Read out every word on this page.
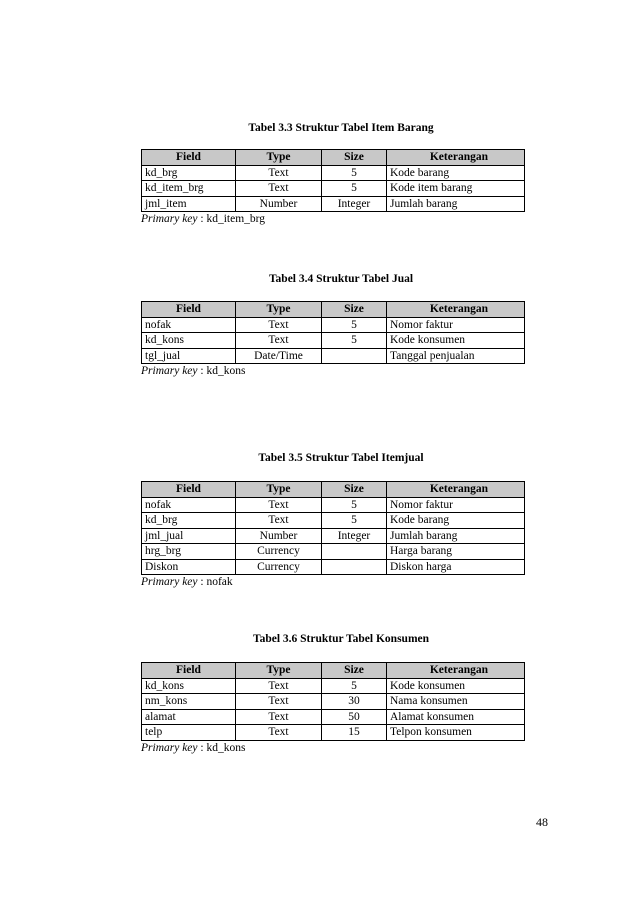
Tabel 3.3 Struktur Tabel Item Barang
Field	Type	Size	Keterangan
kd_brg	Text	5	Kode barang
kd_item_brg	Text	5	Kode item barang
jml_item	Number	Integer	Jumlah barang
Primary key : kd_item_brg
Tabel 3.4 Struktur Tabel Jual
Field	Type	Size	Keterangan
nofak	Text	5	Nomor faktur
kd_kons	Text	5	Kode konsumen
tgl_jual	Date/Time		Tanggal penjualan
Primary key : kd_kons
Tabel 3.5 Struktur Tabel Itemjual
Field	Type	Size	Keterangan
nofak	Text	5	Nomor faktur
kd_brg	Text	5	Kode barang
jml_jual	Number	Integer	Jumlah barang
hrg_brg	Currency		Harga barang
Diskon	Currency		Diskon harga
Primary key : nofak
Tabel 3.6 Struktur Tabel Konsumen
Field	Type	Size	Keterangan
kd_kons	Text	5	Kode konsumen
nm_kons	Text	30	Nama konsumen
alamat	Text	50	Alamat konsumen
telp	Text	15	Telpon konsumen
Primary key : kd_kons
48
